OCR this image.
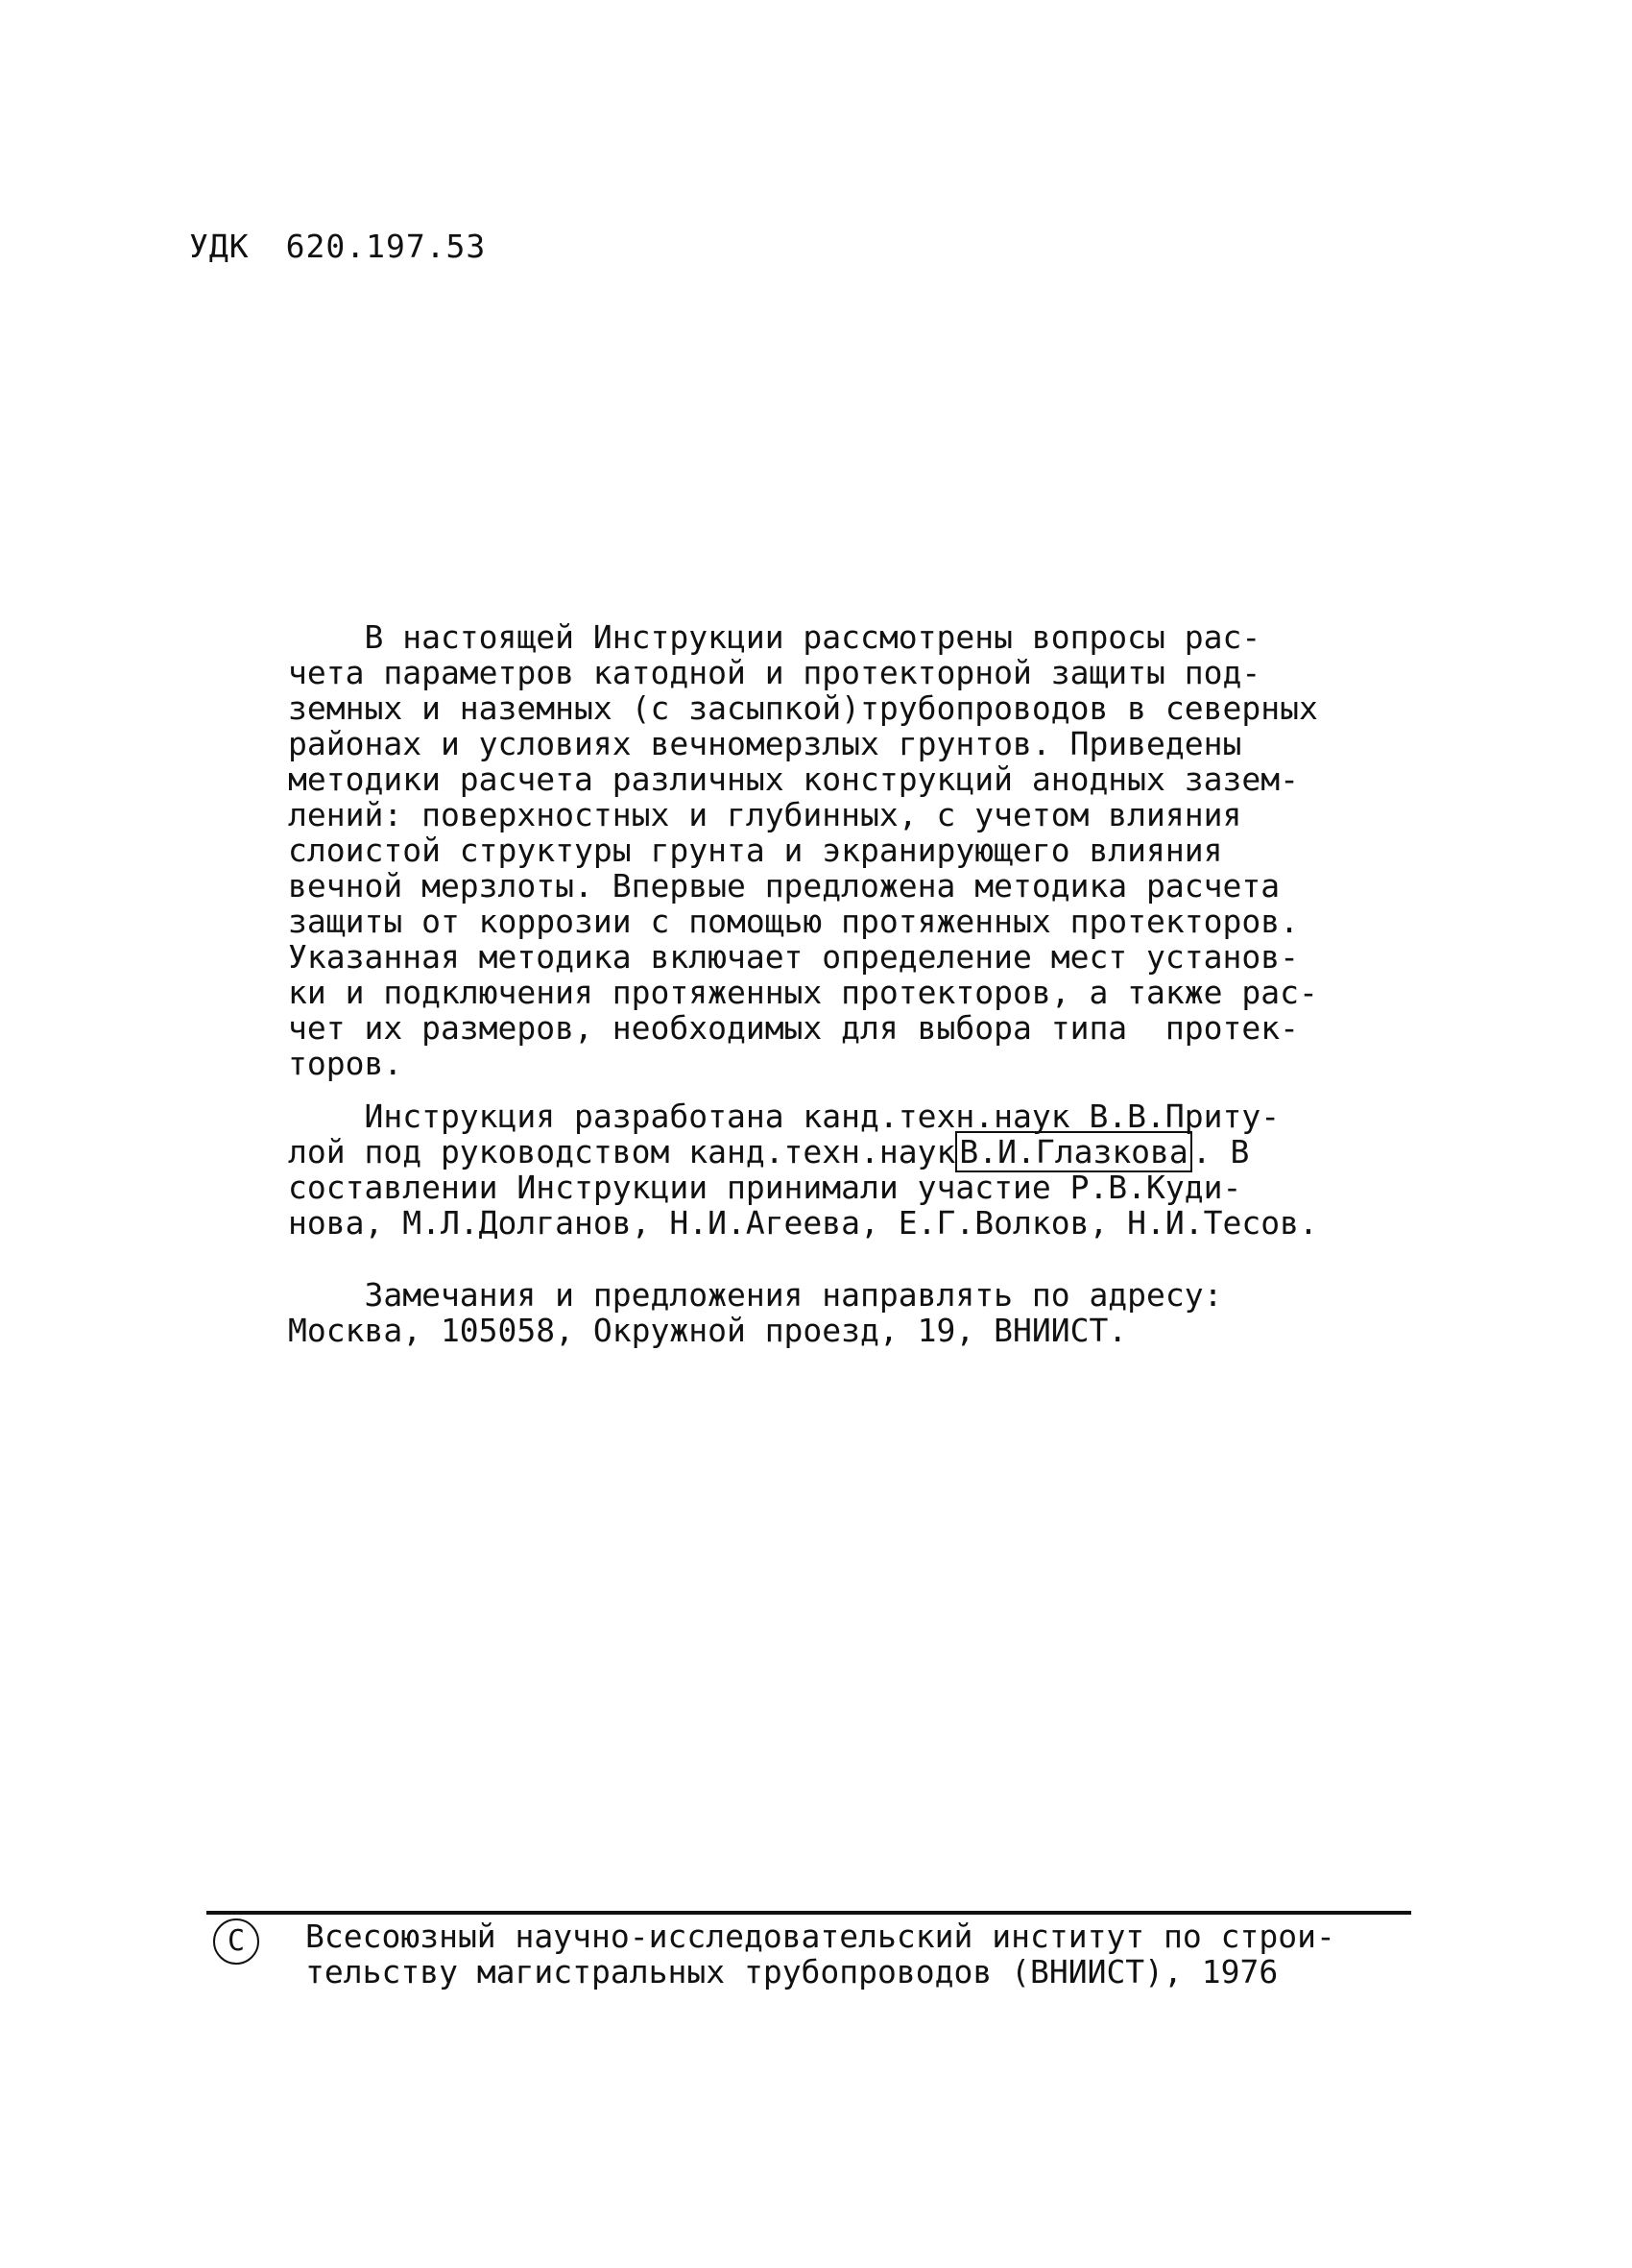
УДК 620.197.53
В настоящей Инструкции рассмотрены вопросы рас-
чета параметров катодной и протекторной защиты под-
земных и наземных (с засыпкой)трубопроводов в северных
районах и условиях вечномерзлых грунтов. Приведены
методики расчета различных конструкций анодных зазем-
лений: поверхностных и глубинных, с учетом влияния
слоистой структуры грунта и экранирующего влияния
вечной мерзлоты. Впервые предложена методика расчета
защиты от коррозии с помощью протяженных протекторов.
Указанная методика включает определение мест установ-
ки и подключения протяженных протекторов, а также рас-
чет их размеров, необходимых для выбора типа  протек-
торов.
Инструкция разработана канд.техн.наук В.В.Притy-
лой под руководством канд.техн.наук В.И.Глазкова . В
составлении Инструкции принимали участие Р.В.Куди-
нова, М.Л.Долганов, Н.И.Агеева, Е.Г.Волков, Н.И.Тесов.
Замечания и предложения направлять по адресу:
Москва, 105058, Окружной проезд, 19, ВНИИСТ.
C	Всесоюзный научно-исследовательский институт по строи-
тельству магистральных трубопроводов (ВНИИСТ), 1976
